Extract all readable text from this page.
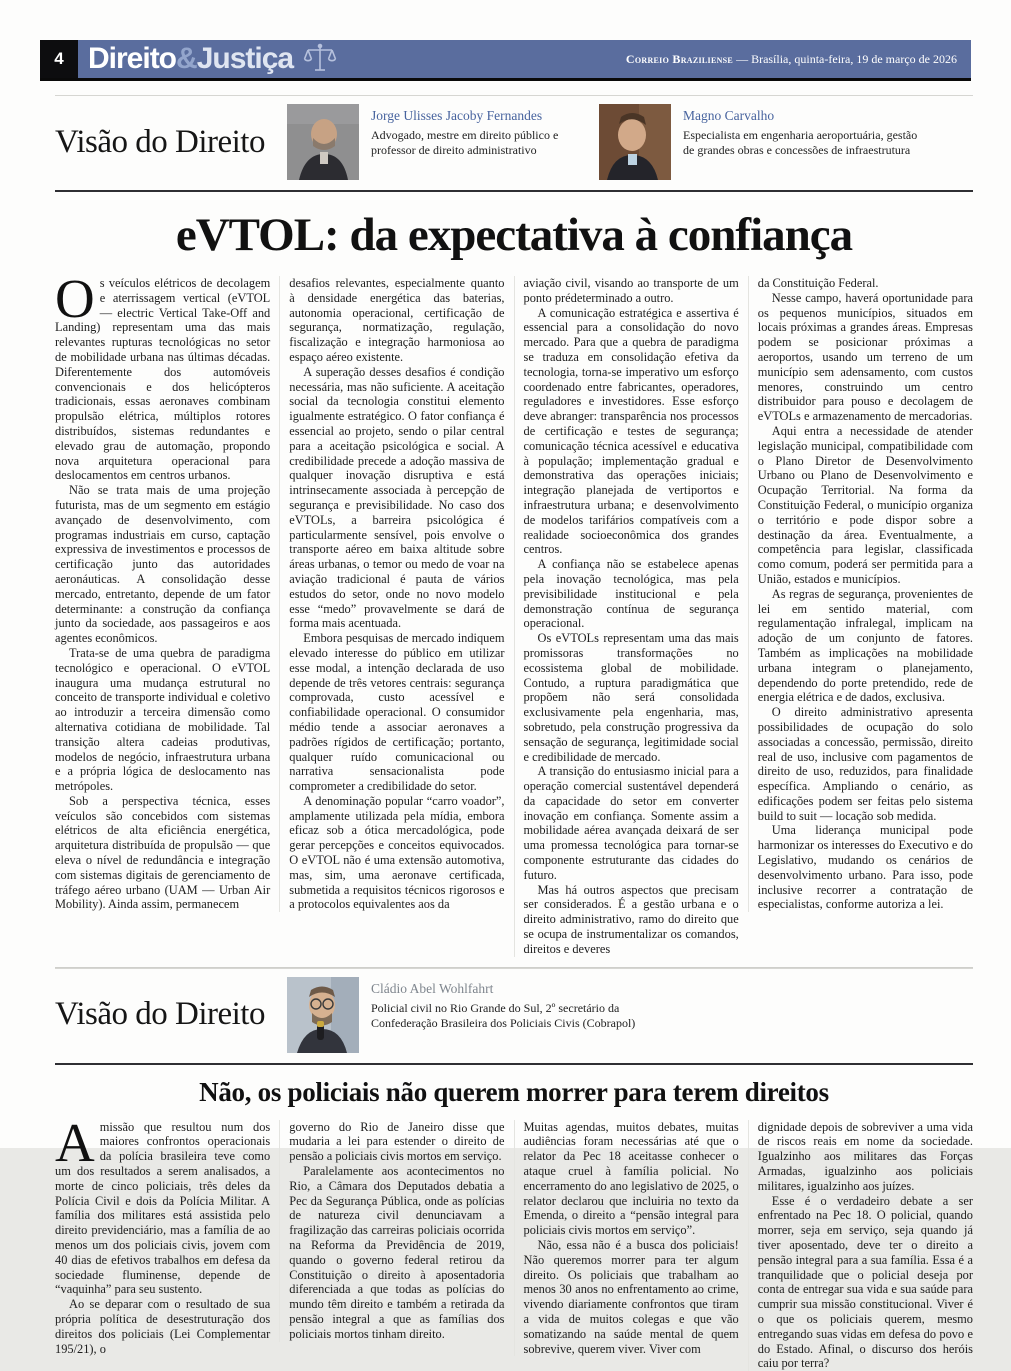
4 Direito&Justiça	Correio Braziliense — Brasília, quinta-feira, 19 de março de 2026
Visão do Direito
Jorge Ulisses Jacoby Fernandes
Advogado, mestre em direito público e professor de direito administrativo
Magno Carvalho
Especialista em engenharia aeroportuária, gestão de grandes obras e concessões de infraestrutura
eVTOL: da expectativa à confiança

Os veículos elétricos de decolagem e aterrissagem vertical (eVTOL — electric Vertical Take-Off and Landing) representam uma das mais relevantes rupturas tecnológicas no setor de mobilidade urbana nas últimas décadas. Diferentemente dos automóveis convencionais e dos helicópteros tradicionais, essas aeronaves combinam propulsão elétrica, múltiplos rotores distribuídos, sistemas redundantes e elevado grau de automação, propondo nova arquitetura operacional para deslocamentos em centros urbanos.

Não se trata mais de uma projeção futurista, mas de um segmento em estágio avançado de desenvolvimento, com programas industriais em curso, captação expressiva de investimentos e processos de certificação junto das autoridades aeronáuticas. A consolidação desse mercado, entretanto, depende de um fator determinante: a construção da confiança junto da sociedade, aos passageiros e aos agentes econômicos.

Trata-se de uma quebra de paradigma tecnológico e operacional. O eVTOL inaugura uma mudança estrutural no conceito de transporte individual e coletivo ao introduzir a terceira dimensão como alternativa cotidiana de mobilidade. Tal transição altera cadeias produtivas, modelos de negócio, infraestrutura urbana e a própria lógica de deslocamento nas metrópoles.

Sob a perspectiva técnica, esses veículos são concebidos com sistemas elétricos de alta eficiência energética, arquitetura distribuída de propulsão — que eleva o nível de redundância e integração com sistemas digitais de gerenciamento de tráfego aéreo urbano (UAM — Urban Air Mobility). Ainda assim, permanecem

desafios relevantes, especialmente quanto à densidade energética das baterias, autonomia operacional, certificação de segurança, normatização, regulação, fiscalização e integração harmoniosa ao espaço aéreo existente.

A superação desses desafios é condição necessária, mas não suficiente. A aceitação social da tecnologia constitui elemento igualmente estratégico. O fator confiança é essencial ao projeto, sendo o pilar central para a aceitação psicológica e social. A credibilidade precede a adoção massiva de qualquer inovação disruptiva e está intrinsecamente associada à percepção de segurança e previsibilidade. No caso dos eVTOLs, a barreira psicológica é particularmente sensível, pois envolve o transporte aéreo em baixa altitude sobre áreas urbanas, o temor ou medo de voar na aviação tradicional é pauta de vários estudos do setor, onde no novo modelo esse “medo” provavelmente se dará de forma mais acentuada.

Embora pesquisas de mercado indiquem elevado interesse do público em utilizar esse modal, a intenção declarada de uso depende de três vetores centrais: segurança comprovada, custo acessível e confiabilidade operacional. O consumidor médio tende a associar aeronaves a padrões rígidos de certificação; portanto, qualquer ruído comunicacional ou narrativa sensacionalista pode comprometer a credibilidade do setor.

A denominação popular “carro voador”, amplamente utilizada pela mídia, embora eficaz sob a ótica mercadológica, pode gerar percepções e conceitos equivocados. O eVTOL não é uma extensão automotiva, mas, sim, uma aeronave certificada, submetida a requisitos técnicos rigorosos e a protocolos equivalentes aos da

aviação civil, visando ao transporte de um ponto prédeterminado a outro.

A comunicação estratégica e assertiva é essencial para a consolidação do novo mercado. Para que a quebra de paradigma se traduza em consolidação efetiva da tecnologia, torna-se imperativo um esforço coordenado entre fabricantes, operadores, reguladores e investidores. Esse esforço deve abranger: transparência nos processos de certificação e testes de segurança; comunicação técnica acessível e educativa à população; implementação gradual e demonstrativa das operações iniciais; integração planejada de vertiportos e infraestrutura urbana; e desenvolvimento de modelos tarifários compatíveis com a realidade socioeconômica dos grandes centros.

A confiança não se estabelece apenas pela inovação tecnológica, mas pela previsibilidade institucional e pela demonstração contínua de segurança operacional.

Os eVTOLs representam uma das mais promissoras transformações no ecossistema global de mobilidade. Contudo, a ruptura paradigmática que propõem não será consolidada exclusivamente pela engenharia, mas, sobretudo, pela construção progressiva da sensação de segurança, legitimidade social e credibilidade de mercado.

A transição do entusiasmo inicial para a operação comercial sustentável dependerá da capacidade do setor em converter inovação em confiança. Somente assim a mobilidade aérea avançada deixará de ser uma promessa tecnológica para tornar-se componente estruturante das cidades do futuro.

Mas há outros aspectos que precisam ser considerados. É a gestão urbana e o direito administrativo, ramo do direito que se ocupa de instrumentalizar os comandos, direitos e deveres

da Constituição Federal.

Nesse campo, haverá oportunidade para os pequenos municípios, situados em locais próximas a grandes áreas. Empresas podem se posicionar próximas a aeroportos, usando um terreno de um município sem adensamento, com custos menores, construindo um centro distribuidor para pouso e decolagem de eVTOLs e armazenamento de mercadorias.

Aqui entra a necessidade de atender legislação municipal, compatibilidade com o Plano Diretor de Desenvolvimento Urbano ou Plano de Desenvolvimento e Ocupação Territorial. Na forma da Constituição Federal, o município organiza o território e pode dispor sobre a destinação da área. Eventualmente, a competência para legislar, classificada como comum, poderá ser permitida para a União, estados e municípios.

As regras de segurança, provenientes de lei em sentido material, com regulamentação infralegal, implicam na adoção de um conjunto de fatores. Também as implicações na mobilidade urbana integram o planejamento, dependendo do porte pretendido, rede de energia elétrica e de dados, exclusiva.

O direito administrativo apresenta possibilidades de ocupação do solo associadas a concessão, permissão, direito real de uso, inclusive com pagamentos de direito de uso, reduzidos, para finalidade específica. Ampliando o cenário, as edificações podem ser feitas pelo sistema build to suit — locação sob medida.

Uma liderança municipal pode harmonizar os interesses do Executivo e do Legislativo, mudando os cenários de desenvolvimento urbano. Para isso, pode inclusive recorrer a contratação de especialistas, conforme autoriza a lei.

Visão do Direito
Cládio Abel Wohlfahrt
Policial civil no Rio Grande do Sul, 2º secretário da Confederação Brasileira dos Policiais Civis (Cobrapol)
Não, os policiais não querem morrer para terem direitos

Amissão que resultou num dos maiores confrontos operacionais da polícia brasileira teve como um dos resultados a serem analisados, a morte de cinco policiais, três deles da Polícia Civil e dois da Polícia Militar. A família dos militares está assistida pelo direito previdenciário, mas a família de ao menos um dos policiais civis, jovem com 40 dias de efetivos trabalhos em defesa da sociedade fluminense, depende de “vaquinha” para seu sustento.

Ao se deparar com o resultado de sua própria política de desestruturação dos direitos dos policiais (Lei Complementar 195/21), o

governo do Rio de Janeiro disse que mudaria a lei para estender o direito de pensão a policiais civis mortos em serviço.

Paralelamente aos acontecimentos no Rio, a Câmara dos Deputados debatia a Pec da Segurança Pública, onde as polícias de natureza civil denunciavam a fragilização das carreiras policiais ocorrida na Reforma da Previdência de 2019, quando o governo federal retirou da Constituição o direito à aposentadoria diferenciada a que todas as polícias do mundo têm direito e também a retirada da pensão integral a que as famílias dos policiais mortos tinham direito.

Muitas agendas, muitos debates, muitas audiências foram necessárias até que o relator da Pec 18 aceitasse conhecer o ataque cruel à família policial. No encerramento do ano legislativo de 2025, o relator declarou que incluiria no texto da Emenda, o direito a “pensão integral para policiais civis mortos em serviço”.

Não, essa não é a busca dos policiais! Não queremos morrer para ter algum direito. Os policiais que trabalham ao menos 30 anos no enfrentamento ao crime, vivendo diariamente confrontos que tiram a vida de muitos colegas e que vão somatizando na saúde mental de quem sobrevive, querem viver. Viver com

dignidade depois de sobreviver a uma vida de riscos reais em nome da sociedade. Igualzinho aos militares das Forças Armadas, igualzinho aos policiais militares, igualzinho aos juízes.

Esse é o verdadeiro debate a ser enfrentado na Pec 18. O policial, quando morrer, seja em serviço, seja quando já tiver aposentado, deve ter o direito a pensão integral para a sua família. Essa é a tranquilidade que o policial deseja por conta de entregar sua vida e sua saúde para cumprir sua missão constitucional. Viver é o que os policiais querem, mesmo entregando suas vidas em defesa do povo e do Estado. Afinal, o discurso dos heróis caiu por terra?
